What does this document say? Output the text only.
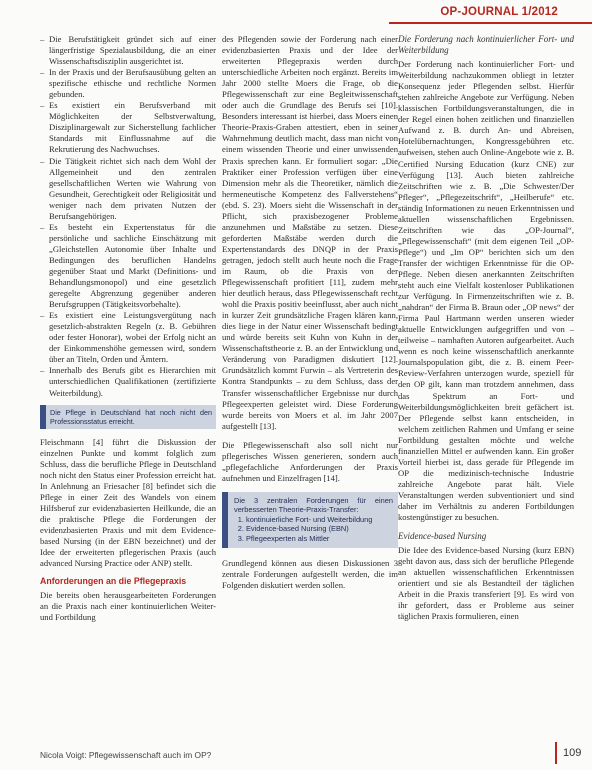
OP-JOURNAL 1/2012
– Die Berufstätigkeit gründet sich auf einer längerfristige Spezialausbildung, die an einer Wissenschaftsdisziplin ausgerichtet ist.
– In der Praxis und der Berufsausübung gelten an spezifische ethische und rechtliche Normen gebunden.
– Es existiert ein Berufsverband mit Möglichkeiten der Selbstverwaltung, Disziplinargewalt zur Sicherstellung fachlicher Standards mit Einflussnahme auf die Rekrutierung des Nachwuchses.
– Die Tätigkeit richtet sich nach dem Wohl der Allgemeinheit und den zentralen gesellschaftlichen Werten wie Wahrung von Gesundheit, Gerechtigkeit oder Religiosität und weniger nach dem privaten Nutzen der Berufsangehörigen.
– Es besteht ein Expertenstatus für die persönliche und sachliche Einschätzung mit „Gleichstellen Autonomie über Inhalte und Bedingungen des beruflichen Handelns gegenüber Staat und Markt (Definitions- und Behandlungsmonopol) und eine gesetzlich geregelte Abgrenzung gegenüber anderen Berufsgruppen (Tätigkeitsvorbehalte).
– Es existiert eine Leistungsvergütung nach gesetzlich-abstrakten Regeln (z. B. Gebühren oder fester Honorar), wobei der Erfolg nicht an der Einkommenshöhe gemessen wird, sondern über an Titeln, Orden und Ämtern.
– Innerhalb des Berufs gibt es Hierarchien mit unterschiedlichen Qualifikationen (zertifizierte Weiterbildung).
Die Pflege in Deutschland hat noch nicht den Professionsstatus erreicht.

Fleischmann [4] führt die Diskussion der einzelnen Punkte und kommt folglich zum Schluss, dass die berufliche Pflege in Deutschland noch nicht den Status einer Profession erreicht hat. In Anlehnung an Friesacher [8] befindet sich die Pflege in einer Zeit des Wandels von einem Hilfsberuf zur evidenzbasierten Heilkunde, die an die praktische Pflege die Forderungen der evidenzbasierten Praxis und mit dem Evidence-based Nursing (in der EBN bezeichnet) und der Idee der erweiterten pflegerischen Praxis (auch advanced Nursing Practice oder ANP) stellt.

Anforderungen an die Pflegepraxis

Die bereits oben herausgearbeiteten Forderungen an die Praxis nach einer kontinuierlichen Weiter- und Fortbildung

des Pflegenden sowie der Forderung nach einer evidenzbasierten Praxis und der Idee der erweiterten Pflegepraxis werden durch unterschiedliche Arbeiten noch ergänzt. Bereits im Jahr 2000 stellte Moers die Frage, ob die Pflegewissenschaft zur eine Begleitwissenschaft oder auch die Grundlage des Berufs sei [10]. Besonders interessant ist hierbei, dass Moers einen Theorie-Praxis-Graben attestiert, eben in seiner Wahrnehmung deutlich macht, dass man nicht von einem wissenden Theorie und einer unwissenden Praxis sprechen kann. Er formuliert sogar: „Die Praktiker einer Profession verfügen über eine Dimension mehr als die Theoretiker, nämlich die hermeneutische Kompetenz des Fallverstehens“ (ebd. S. 23). Moers sieht die Wissenschaft in der Pflicht, sich praxisbezogener Probleme anzunehmen und Maßstäbe zu setzen. Diese geforderten Maßstäbe werden durch die Expertenstandards des DNQP in der Praxis getragen, jedoch stellt auch heute noch die Frage im Raum, ob die Praxis von der Pflegewissenschaft profitiert [11], zudem mehr hier deutlich heraus, dass Pflegewissenschaft recht wohl die Praxis positiv beeinflusst, aber auch nicht in kurzer Zeit grundsätzliche Fragen klären kann, dies liege in der Natur einer Wissenschaft bedingt und würde bereits seit Kuhn von Kuhn in der Wissenschaftstheorie z. B. an der Entwicklung und Veränderung von Paradigmen diskutiert [12]. Grundsätzlich kommt Furwin – als Vertreterin des Kontra Standpunkts – zu dem Schluss, dass der Transfer wissenschaftlicher Ergebnisse nur durch Pflegeexperten geleistet wird. Diese Forderung wurde bereits von Moers et al. im Jahr 2007 aufgestellt [13].

Die Pflegewissenschaft also soll nicht nur pflegerisches Wissen generieren, sondern auch „pflegefachliche Anforderungen der Praxis aufnehmen und Einzelfragen [14].

Die 3 zentralen Forderungen für einen verbesserten Theorie-Praxis-Transfer:
1. kontinuierliche Fort- und Weiterbildung
2. Evidence-based Nursing (EBN)
3. Pflegeexperten als Mittler

Grundlegend können aus diesen Diskussionen 3 zentrale Forderungen aufgestellt werden, die im Folgenden diskutiert werden sollen.

Die Forderung nach kontinuierlicher Fort- und Weiterbildung

Der Forderung nach kontinuierlicher Fort- und Weiterbildung nachzukommen obliegt in letzter Konsequenz jeder Pflegenden selbst. Hierfür stehen zahlreiche Angebote zur Verfügung. Neben klassischen Fortbildungsveranstaltungen, die in der Regel einen hohen zeitlichen und finanziellen Aufwand z. B. durch An- und Abreisen, Hotelübernachtungen, Kongressgebühren etc. aufweisen, stehen auch Online-Angebote wie z. B. Certified Nursing Education (kurz CNE) zur Verfügung [13]. Auch bieten zahlreiche Zeitschriften wie z. B. „Die Schwester/Der Pfleger“, „Pflegezeitschrift“, „Heilberufe“ etc. ständig Informationen zu neuen Erkenntnissen und aktuellen wissenschaftlichen Ergebnissen. Zeitschriften wie das „OP-Journal“, „Pflegewissenschaft“ (mit dem eigenen Teil „OP-Pflege“) und „Im OP“ berichten sich um den Transfer der wichtigen Erkenntnisse für die OP-Pflege. Neben diesen anerkannten Zeitschriften steht auch eine Vielfalt kostenloser Publikationen zur Verfügung. In Firmenzeitschriften wie z. B. „nahdran“ der Firma B. Braun oder „OP news“ der Firma Paul Hartmann werden unseren wieder aktuelle Entwicklungen aufgegriffen und von – teilweise – namhaften Autoren aufgearbeitet. Auch wenn es noch keine wissenschaftlich anerkannte Journalspopulation gibt, die z. B. einem Peer-Review-Verfahren unterzogen wurde, speziell für den OP gilt, kann man trotzdem annehmen, dass das Spektrum an Fort- und Weiterbildungsmöglichkeiten breit gefächert ist. Der Pflegende selbst kann entscheiden, in welchem zeitlichen Rahmen und Umfang er seine Fortbildung gestalten möchte und welche finanziellen Mittel er aufwenden kann. Ein großer Vorteil hierbei ist, dass gerade für Pflegende im OP die medizinisch-technische Industrie zahlreiche Angebote parat hält. Viele Veranstaltungen werden subventioniert und sind daher im Verhältnis zu anderen Fortbildungen kostengünstiger zu besuchen.

Evidence-based Nursing

Die Idee des Evidence-based Nursing (kurz EBN) geht davon aus, dass sich der berufliche Pflegende an aktuellen wissenschaftlichen Erkenntnissen orientiert und sie als Bestandteil der täglichen Arbeit in die Praxis transferiert [9]. Es wird von ihr gefordert, dass er Probleme aus seiner täglichen Praxis formulieren, einen

Nicola Voigt: Pflegewissenschaft auch im OP?	109
